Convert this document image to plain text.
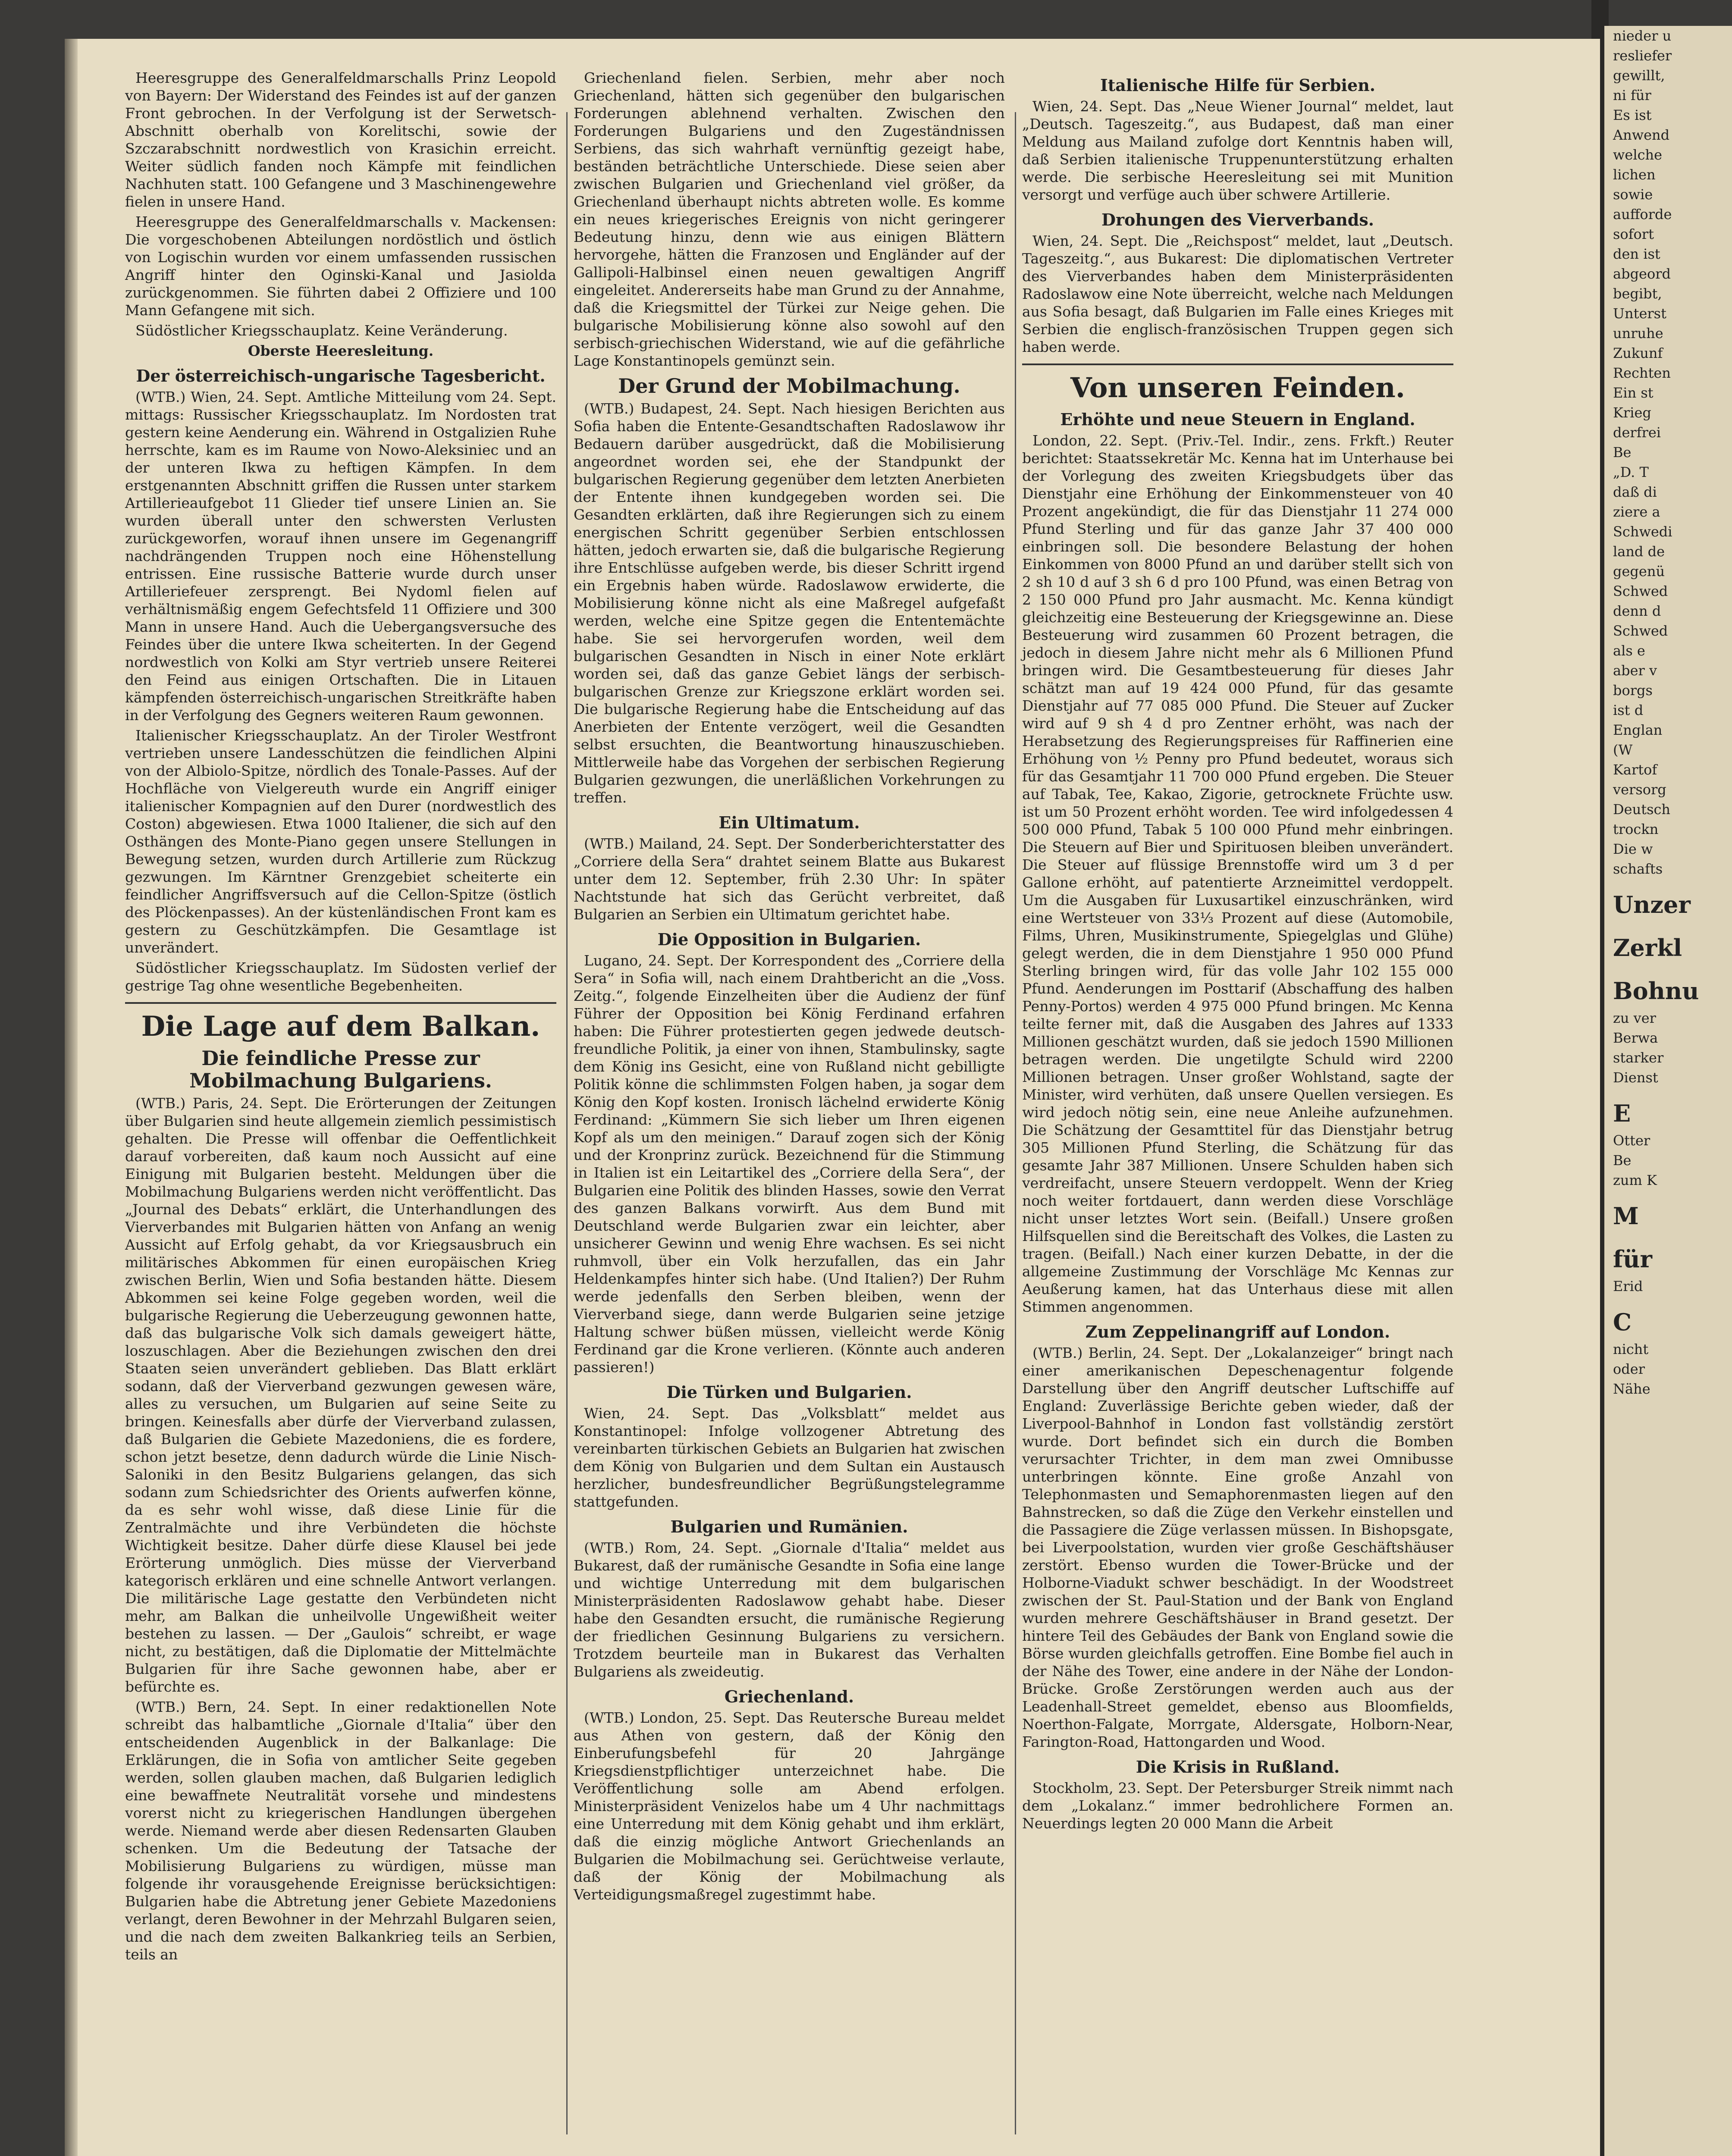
Heeresgruppe des Generalfeldmarschalls Prinz Leopold von Bayern: Der Widerstand des Feindes ist auf der ganzen Front gebrochen. In der Verfolgung ist der Serwetsch-Abschnitt oberhalb von Korelitschi, sowie der Szczarabschnitt nordwestlich von Krasichin erreicht. Weiter südlich fanden noch Kämpfe mit feindlichen Nachhuten statt. 100 Gefangene und 3 Maschinengewehre fielen in unsere Hand.

Heeresgruppe des Generalfeldmarschalls v. Mackensen: Die vorgeschobenen Abteilungen nordöstlich und östlich von Logischin wurden vor einem umfassenden russischen Angriff hinter den Oginski-Kanal und Jasiolda zurückgenommen. Sie führten dabei 2 Offiziere und 100 Mann Gefangene mit sich.

Südöstlicher Kriegsschauplatz. Keine Veränderung.

Oberste Heeresleitung.

Der österreichisch-ungarische Tagesbericht.

(WTB.) Wien, 24. Sept. Amtliche Mitteilung vom 24. Sept. mittags: Russischer Kriegsschauplatz. Im Nordosten trat gestern keine Aenderung ein. Während in Ostgalizien Ruhe herrschte, kam es im Raume von Nowo-Aleksiniec und an der unteren Ikwa zu heftigen Kämpfen. In dem erstgenannten Abschnitt griffen die Russen unter starkem Artilleriеaufgebot 11 Glieder tief unsere Linien an. Sie wurden überall unter den schwersten Verlusten zurückgeworfen, worauf ihnen unsere im Gegenangriff nachdrängenden Truppen noch eine Höhenstellung entrissen. Eine russische Batterie wurde durch unser Artilleriefeuer zersprengt. Bei Nydoml fielen auf verhältnismäßig engem Gefechtsfeld 11 Offiziere und 300 Mann in unsere Hand. Auch die Uebergangsversuche des Feindes über die untere Ikwa scheiterten. In der Gegend nordwestlich von Kolki am Styr vertrieb unsere Reiterei den Feind aus einigen Ortschaften. Die in Litauen kämpfenden österreichisch-ungarischen Streitkräfte haben in der Verfolgung des Gegners weiteren Raum gewonnen.

Italienischer Kriegsschauplatz. An der Tiroler Westfront vertrieben unsere Landesschützen die feindlichen Alpini von der Albiolo-Spitze, nördlich des Tonale-Passes. Auf der Hochfläche von Vielgereuth wurde ein Angriff einiger italienischer Kompagnien auf den Durer (nordwestlich des Coston) abgewiesen. Etwa 1000 Italiener, die sich auf den Osthängen des Monte-Piano gegen unsere Stellungen in Bewegung setzen, wurden durch Artillerie zum Rückzug gezwungen. Im Kärntner Grenzgebiet scheiterte ein feindlicher Angriffsversuch auf die Cellon-Spitze (östlich des Plöckenpasses). An der küstenländischen Front kam es gestern zu Geschützkämpfen. Die Gesamtlage ist unverändert.

Südöstlicher Kriegsschauplatz. Im Südosten verlief der gestrige Tag ohne wesentliche Begebenheiten.

Die Lage auf dem Balkan.
Die feindliche Presse zur Mobilmachung Bulgariens.

(WTB.) Paris, 24. Sept. Die Erörterungen der Zeitungen über Bulgarien sind heute allgemein ziemlich pessimistisch gehalten. Die Presse will offenbar die Oeffentlichkeit darauf vorbereiten, daß kaum noch Aussicht auf eine Einigung mit Bulgarien besteht. Meldungen über die Mobilmachung Bulgariens werden nicht veröffentlicht. Das „Journal des Debats“ erklärt, die Unterhandlungen des Vierverbandes mit Bulgarien hätten von Anfang an wenig Aussicht auf Erfolg gehabt, da vor Kriegsausbruch ein militärisches Abkommen für einen europäischen Krieg zwischen Berlin, Wien und Sofia bestanden hätte. Diesem Abkommen sei keine Folge gegeben worden, weil die bulgarische Regierung die Ueberzeugung gewonnen hatte, daß das bulgarische Volk sich damals geweigert hätte, loszuschlagen. Aber die Beziehungen zwischen den drei Staaten seien unverändert geblieben. Das Blatt erklärt sodann, daß der Vierverband gezwungen gewesen wäre, alles zu versuchen, um Bulgarien auf seine Seite zu bringen. Keinesfalls aber dürfe der Vierverband zulassen, daß Bulgarien die Gebiete Mazedoniens, die es fordere, schon jetzt besetze, denn dadurch würde die Linie Nisch-Saloniki in den Besitz Bulgariens gelangen, das sich sodann zum Schiedsrichter des Orients aufwerfen könne, da es sehr wohl wisse, daß diese Linie für die Zentralmächte und ihre Verbündeten die höchste Wichtigkeit besitze. Daher dürfe diese Klausel bei jede Erörterung unmöglich. Dies müsse der Vierverband kategorisch erklären und eine schnelle Antwort verlangen. Die militärische Lage gestatte den Verbündeten nicht mehr, am Balkan die unheilvolle Ungewißheit weiter bestehen zu lassen. — Der „Gaulois“ schreibt, er wage nicht, zu bestätigen, daß die Diplomatie der Mittelmächte Bulgarien für ihre Sache gewonnen habe, aber er befürchte es.

(WTB.) Bern, 24. Sept. In einer redaktionellen Note schreibt das halbamtliche „Giornale d'Italia“ über den entscheidenden Augenblick in der Balkanlage: Die Erklärungen, die in Sofia von amtlicher Seite gegeben werden, sollen glauben machen, daß Bulgarien lediglich eine bewaffnete Neutralität vorsehe und mindestens vorerst nicht zu kriegerischen Handlungen übergehen werde. Niemand werde aber diesen Redensarten Glauben schenken. Um die Bedeutung der Tatsache der Mobilisierung Bulgariens zu würdigen, müsse man folgende ihr vorausgehende Ereignisse berücksichtigen: Bulgarien habe die Abtretung jener Gebiete Mazedoniens verlangt, deren Bewohner in der Mehrzahl Bulgaren seien, und die nach dem zweiten Balkankrieg teils an Serbien, teils an

Griechenland fielen. Serbien, mehr aber noch Griechenland, hätten sich gegenüber den bulgarischen Forderungen ablehnend verhalten. Zwischen den Forderungen Bulgariens und den Zugeständnissen Serbiens, das sich wahrhaft vernünftig gezeigt habe, beständen beträchtliche Unterschiede. Diese seien aber zwischen Bulgarien und Griechenland viel größer, da Griechenland überhaupt nichts abtreten wolle. Es komme ein neues kriegerisches Ereignis von nicht geringerer Bedeutung hinzu, denn wie aus einigen Blättern hervorgehe, hätten die Franzosen und Engländer auf der Gallipoli-Halbinsel einen neuen gewaltigen Angriff eingeleitet. Andererseits habe man Grund zu der Annahme, daß die Kriegsmittel der Türkei zur Neige gehen. Die bulgarische Mobilisierung könne also sowohl auf den serbisch-griechischen Widerstand, wie auf die gefährliche Lage Konstantinopels gemünzt sein.

Der Grund der Mobilmachung.

(WTB.) Budapest, 24. Sept. Nach hiesigen Berichten aus Sofia haben die Entente-Gesandtschaften Radoslawow ihr Bedauern darüber ausgedrückt, daß die Mobilisierung angeordnet worden sei, ehe der Standpunkt der bulgarischen Regierung gegenüber dem letzten Anerbieten der Entente ihnen kundgegeben worden sei. Die Gesandten erklärten, daß ihre Regierungen sich zu einem energischen Schritt gegenüber Serbien entschlossen hätten, jedoch erwarten sie, daß die bulgarische Regierung ihre Entschlüsse aufgeben werde, bis dieser Schritt irgend ein Ergebnis haben würde. Radoslawow erwiderte, die Mobilisierung könne nicht als eine Maßregel aufgefaßt werden, welche eine Spitze gegen die Ententemächte habe. Sie sei hervorgerufen worden, weil dem bulgarischen Gesandten in Nisch in einer Note erklärt worden sei, daß das ganze Gebiet längs der serbisch-bulgarischen Grenze zur Kriegszone erklärt worden sei. Die bulgarische Regierung habe die Entscheidung auf das Anerbieten der Entente verzögert, weil die Gesandten selbst ersuchten, die Beantwortung hinauszuschieben. Mittlerweile habe das Vorgehen der serbischen Regierung Bulgarien gezwungen, die unerläßlichen Vorkehrungen zu treffen.

Ein Ultimatum.

(WTB.) Mailand, 24. Sept. Der Sonderberichterstatter des „Corriere della Sera“ drahtet seinem Blatte aus Bukarest unter dem 12. September, früh 2.30 Uhr: In später Nachtstunde hat sich das Gerücht verbreitet, daß Bulgarien an Serbien ein Ultimatum gerichtet habe.

Die Opposition in Bulgarien.

Lugano, 24. Sept. Der Korrespondent des „Corriere della Sera“ in Sofia will, nach einem Drahtbericht an die „Voss. Zeitg.“, folgende Einzelheiten über die Audienz der fünf Führer der Opposition bei König Ferdinand erfahren haben: Die Führer protestierten gegen jedwede deutsch-freundliche Politik, ja einer von ihnen, Stambulinsky, sagte dem König ins Gesicht, eine von Rußland nicht gebilligte Politik könne die schlimmsten Folgen haben, ja sogar dem König den Kopf kosten. Ironisch lächelnd erwiderte König Ferdinand: „Kümmern Sie sich lieber um Ihren eigenen Kopf als um den meinigen.“ Darauf zogen sich der König und der Kronprinz zurück. Bezeichnend für die Stimmung in Italien ist ein Leitartikel des „Corriere della Sera“, der Bulgarien eine Politik des blinden Hasses, sowie den Verrat des ganzen Balkans vorwirft. Aus dem Bund mit Deutschland werde Bulgarien zwar ein leichter, aber unsicherer Gewinn und wenig Ehre wachsen. Es sei nicht ruhmvoll, über ein Volk herzufallen, das ein Jahr Heldenkampfes hinter sich habe. (Und Italien?) Der Ruhm werde jedenfalls den Serben bleiben, wenn der Vierverband siege, dann werde Bulgarien seine jetzige Haltung schwer büßen müssen, vielleicht werde König Ferdinand gar die Krone verlieren. (Könnte auch anderen passieren!)

Die Türken und Bulgarien.

Wien, 24. Sept. Das „Volksblatt“ meldet aus Konstantinopel: Infolge vollzogener Abtretung des vereinbarten türkischen Gebiets an Bulgarien hat zwischen dem König von Bulgarien und dem Sultan ein Austausch herzlicher, bundesfreundlicher Begrüßungstelegramme stattgefunden.

Bulgarien und Rumänien.

(WTB.) Rom, 24. Sept. „Giornale d'Italia“ meldet aus Bukarest, daß der rumänische Gesandte in Sofia eine lange und wichtige Unterredung mit dem bulgarischen Ministerpräsidenten Radoslawow gehabt habe. Dieser habe den Gesandten ersucht, die rumänische Regierung der friedlichen Gesinnung Bulgariens zu versichern. Trotzdem beurteile man in Bukarest das Verhalten Bulgariens als zweideutig.

Griechenland.

(WTB.) London, 25. Sept. Das Reutersche Bureau meldet aus Athen von gestern, daß der König den Einberufungsbefehl für 20 Jahrgänge Kriegsdienstpflichtiger unterzeichnet habe. Die Veröffentlichung solle am Abend erfolgen. Ministerpräsident Venizelos habe um 4 Uhr nachmittags eine Unterredung mit dem König gehabt und ihm erklärt, daß die einzig mögliche Antwort Griechenlands an Bulgarien die Mobilmachung sei. Gerüchtweise verlaute, daß der König der Mobilmachung als Verteidigungsmaßregel zugestimmt habe.

Italienische Hilfe für Serbien.

Wien, 24. Sept. Das „Neue Wiener Journal“ meldet, laut „Deutsch. Tageszeitg.“, aus Budapest, daß man einer Meldung aus Mailand zufolge dort Kenntnis haben will, daß Serbien italienische Truppenunterstützung erhalten werde. Die serbische Heeresleitung sei mit Munition versorgt und verfüge auch über schwere Artillerie.

Drohungen des Vierverbands.

Wien, 24. Sept. Die „Reichspost“ meldet, laut „Deutsch. Tageszeitg.“, aus Bukarest: Die diplomatischen Vertreter des Vierverbandes haben dem Ministerpräsidenten Radoslawow eine Note überreicht, welche nach Meldungen aus Sofia besagt, daß Bulgarien im Falle eines Krieges mit Serbien die englisch-französischen Truppen gegen sich haben werde.

Von unseren Feinden.
Erhöhte und neue Steuern in England.

London, 22. Sept. (Priv.-Tel. Indir., zens. Frkft.) Reuter berichtet: Staatssekretär Mc. Kenna hat im Unterhause bei der Vorlegung des zweiten Kriegsbudgets über das Dienstjahr eine Erhöhung der Einkommensteuer von 40 Prozent angekündigt, die für das Dienstjahr 11 274 000 Pfund Sterling und für das ganze Jahr 37 400 000 einbringen soll. Die besondere Belastung der hohen Einkommen von 8000 Pfund an und darüber stellt sich von 2 sh 10 d auf 3 sh 6 d pro 100 Pfund, was einen Betrag von 2 150 000 Pfund pro Jahr ausmacht. Mc. Kenna kündigt gleichzeitig eine Besteuerung der Kriegsgewinne an. Diese Besteuerung wird zusammen 60 Prozent betragen, die jedoch in diesem Jahre nicht mehr als 6 Millionen Pfund bringen wird. Die Gesamtbesteuerung für dieses Jahr schätzt man auf 19 424 000 Pfund, für das gesamte Dienstjahr auf 77 085 000 Pfund. Die Steuer auf Zucker wird auf 9 sh 4 d pro Zentner erhöht, was nach der Herabsetzung des Regierungspreises für Raffinerien eine Erhöhung von ½ Penny pro Pfund bedeutet, woraus sich für das Gesamtjahr 11 700 000 Pfund ergeben. Die Steuer auf Tabak, Tee, Kakao, Zigorie, getrocknete Früchte usw. ist um 50 Prozent erhöht worden. Tee wird infolgedessen 4 500 000 Pfund, Tabak 5 100 000 Pfund mehr einbringen. Die Steuern auf Bier und Spirituosen bleiben unverändert. Die Steuer auf flüssige Brennstoffe wird um 3 d per Gallone erhöht, auf patentierte Arzneimittel verdoppelt. Um die Ausgaben für Luxusartikel einzuschränken, wird eine Wertsteuer von 33⅓ Prozent auf diese (Automobile, Films, Uhren, Musikinstrumente, Spiegelglas und Glühe) gelegt werden, die in dem Dienstjahre 1 950 000 Pfund Sterling bringen wird, für das volle Jahr 102 155 000 Pfund. Aenderungen im Posttarif (Abschaffung des halben Penny-Portos) werden 4 975 000 Pfund bringen. Mc Kenna teilte ferner mit, daß die Ausgaben des Jahres auf 1333 Millionen geschätzt wurden, daß sie jedoch 1590 Millionen betragen werden. Die ungetilgte Schuld wird 2200 Millionen betragen. Unser großer Wohlstand, sagte der Minister, wird verhüten, daß unsere Quellen versiegen. Es wird jedoch nötig sein, eine neue Anleihe aufzunehmen. Die Schätzung der Gesamttitel für das Dienstjahr betrug 305 Millionen Pfund Sterling, die Schätzung für das gesamte Jahr 387 Millionen. Unsere Schulden haben sich verdreifacht, unsere Steuern verdoppelt. Wenn der Krieg noch weiter fortdauert, dann werden diese Vorschläge nicht unser letztes Wort sein. (Beifall.) Unsere großen Hilfsquellen sind die Bereitschaft des Volkes, die Lasten zu tragen. (Beifall.) Nach einer kurzen Debatte, in der die allgemeine Zustimmung der Vorschläge Mc Kennas zur Aeußerung kamen, hat das Unterhaus diese mit allen Stimmen angenommen.

Zum Zeppelinangriff auf London.

(WTB.) Berlin, 24. Sept. Der „Lokalanzeiger“ bringt nach einer amerikanischen Depeschenagentur folgende Darstellung über den Angriff deutscher Luftschiffe auf England: Zuverlässige Berichte geben wieder, daß der Liverpool-Bahnhof in London fast vollständig zerstört wurde. Dort befindet sich ein durch die Bomben verursachter Trichter, in dem man zwei Omnibusse unterbringen könnte. Eine große Anzahl von Telephonmasten und Semaphorenmasten liegen auf den Bahnstrecken, so daß die Züge den Verkehr einstellen und die Passagiere die Züge verlassen müssen. In Bishopsgate, bei Liverpoolstation, wurden vier große Geschäftshäuser zerstört. Ebenso wurden die Tower-Brücke und der Holborne-Viadukt schwer beschädigt. In der Woodstreet zwischen der St. Paul-Station und der Bank von England wurden mehrere Geschäftshäuser in Brand gesetzt. Der hintere Teil des Gebäudes der Bank von England sowie die Börse wurden gleichfalls getroffen. Eine Bombe fiel auch in der Nähe des Tower, eine andere in der Nähe der London-Brücke. Große Zerstörungen werden auch aus der Leadenhall-Street gemeldet, ebenso aus Bloomfields, Noerthon-Falgate, Morrgate, Aldersgate, Holborn-Near, Farington-Road, Hattongarden und Wood.

Die Krisis in Rußland.

Stockholm, 23. Sept. Der Petersburger Streik nimmt nach dem „Lokalanz.“ immer bedrohlichere Formen an. Neuerdings legten 20 000 Mann die Arbeit

nieder u

resliefer

gewillt,

ni für

Es ist

Anwend

welche

lichen

sowie

aufforde

sofort

den ist

abgeord

begibt,

Unterst

unruhe

Zukunf

Rechten

Ein st

Krieg

derfrei

Be

„D. T

daß di

ziere a

Schwedi

land de

gegenü

Schwed

denn d

Schwed

als e

aber v

borgs

ist d

Englan

(W

Kartof

versorg

Deutsch

trockn

Die w

schafts

Unzer

Zerkl

Bohnu

zu ver

Berwa

starker

Dienst

E

Otter

Be

zum K

M

für

Erid

C

nicht

oder

Nähe
